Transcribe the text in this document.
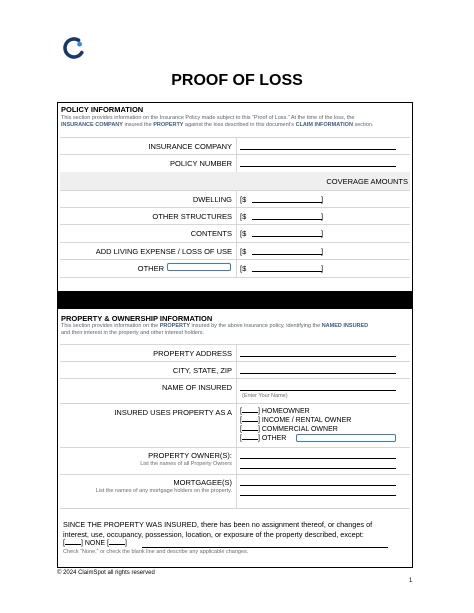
PROOF OF LOSS
POLICY INFORMATION
This section provides information on the Insurance Policy made subject to this “Proof of Loss.” At the time of the loss, the
INSURANCE COMPANY insured the PROPERTY against the loss described in this document’s CLAIM INFORMATION section.
INSURANCE COMPANY
POLICY NUMBER
COVERAGE AMOUNTS
DWELLING [$	]
OTHER STRUCTURES [$	]
CONTENTS [$	]
ADD LIVING EXPENSE / LOSS OF USE [$	]
OTHER	[$	]
PROPERTY & OWNERSHIP INFORMATION
This section provides information on the PROPERTY insured by the above insurance policy, identifying the NAMED INSURED
and their interest in the property and other interest holders.
PROPERTY ADDRESS
CITY, STATE, ZIP
NAME OF INSURED
(Enter Your Name)
INSURED USES PROPERTY AS A [ ] HOMEOWNER
[ ] INCOME / RENTAL OWNER
[ ] COMMERCIAL OWNER
[ ] OTHER
PROPERTY OWNER(S):
List the names of all Property Owners
MORTGAGEE(S)
List the names of any mortgage holders on the property.
SINCE THE PROPERTY WAS INSURED, there has been no assignment thereof, or changes of
interest, use, occupancy, possession, location, or exposure of the property described, except:
[ ] NONE [ ]
Check “None,” or check the blank line and describe any applicable changes.
© 2024 ClaimSpot all rights reserved
1
